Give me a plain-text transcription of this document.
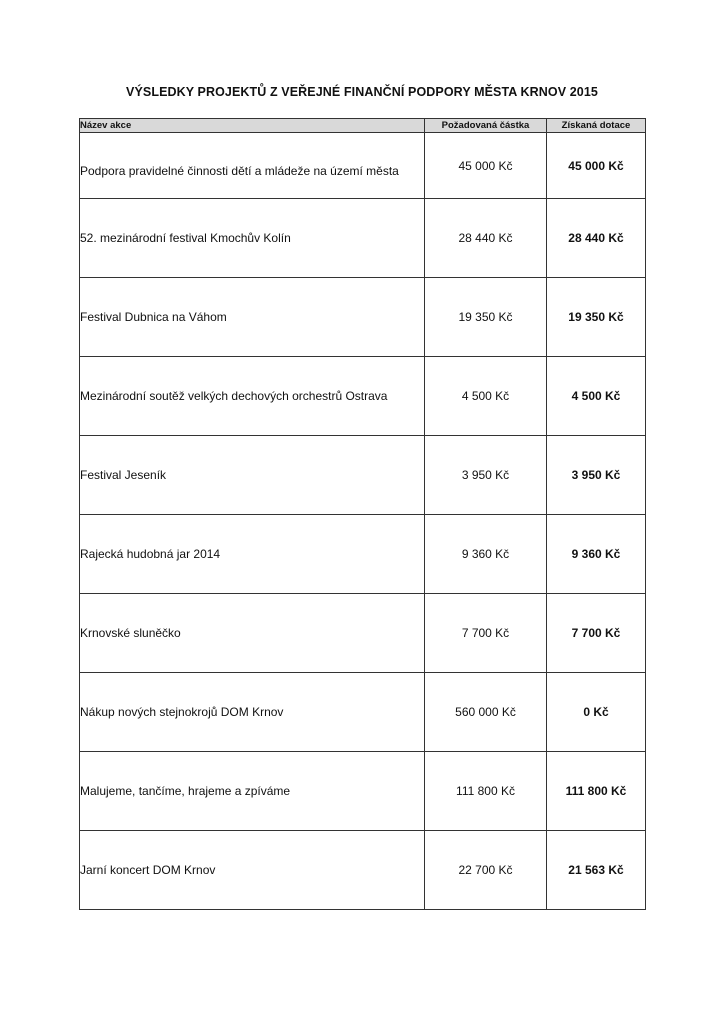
VÝSLEDKY PROJEKTŮ Z VEŘEJNÉ FINANČNÍ PODPORY MĚSTA KRNOV 2015
Název akce	Požadovaná částka	Získaná dotace
Podpora pravidelné činnosti dětí a mládeže na území města	45 000 Kč	45 000 Kč
52. mezinárodní festival Kmochův Kolín	28 440 Kč	28 440 Kč
Festival Dubnica na Váhom	19 350 Kč	19 350 Kč
Mezinárodní soutěž velkých dechových orchestrů Ostrava	4 500 Kč	4 500 Kč
Festival Jeseník	3 950 Kč	3 950 Kč
Rajecká hudobná jar 2014	9 360 Kč	9 360 Kč
Krnovské sluněčko	7 700 Kč	7 700 Kč
Nákup nových stejnokrojů DOM Krnov	560 000 Kč	0 Kč
Malujeme, tančíme, hrajeme a zpíváme	111 800 Kč	111 800 Kč
Jarní koncert DOM Krnov	22 700 Kč	21 563 Kč
